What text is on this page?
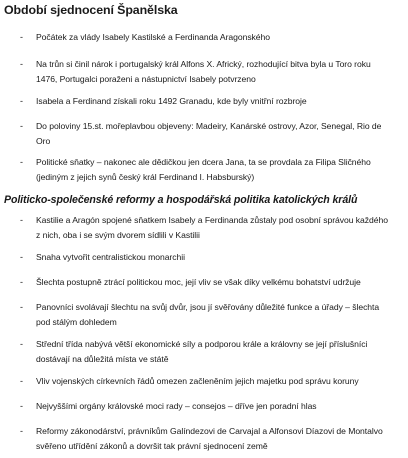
Období sjednocení Španělska
- Počátek za vlády Isabely Kastilské a Ferdinanda Aragonského
- Na trůn si činil nárok i portugalský král Alfons X. Africký, rozhodující bitva byla u Toro roku
1476, Portugalci poraženi a nástupnictví Isabely potvrzeno
- Isabela a Ferdinand získali roku 1492 Granadu, kde byly vnitřní rozbroje
- Do poloviny 15.st. mořeplavbou objeveny: Madeiry, Kanárské ostrovy, Azor, Senegal, Rio de
Oro
- Politické sňatky – nakonec ale dědičkou jen dcera Jana, ta se provdala za Filipa Sličného
(jediným z jejich synů český král Ferdinand I. Habsburský)
Politicko-společenské reformy a hospodářská politika katolických králů
- Kastilie a Aragón spojené sňatkem Isabely a Ferdinanda zůstaly pod osobní správou každého
z nich, oba i se svým dvorem sídlili v Kastilii
- Snaha vytvořit centralistickou monarchii
- Šlechta postupně ztrácí politickou moc, její vliv se však díky velkému bohatství udržuje
- Panovníci svolávají šlechtu na svůj dvůr, jsou jí svěřovány důležité funkce a úřady – šlechta
pod stálým dohledem
- Střední třída nabývá větší ekonomické síly a podporou krále a královny se její příslušníci
dostávají na důležitá místa ve státě
- Vliv vojenských církevních řádů omezen začleněním jejich majetku pod správu koruny
- Nejvyššími orgány královské moci rady – consejos – dříve jen poradní hlas
- Reformy zákonodárství, právníkům Galíndezovi de Carvajal a Alfonsovi Díazovi de Montalvo
svěřeno utřídění zákonů a dovršit tak právní sjednocení země
